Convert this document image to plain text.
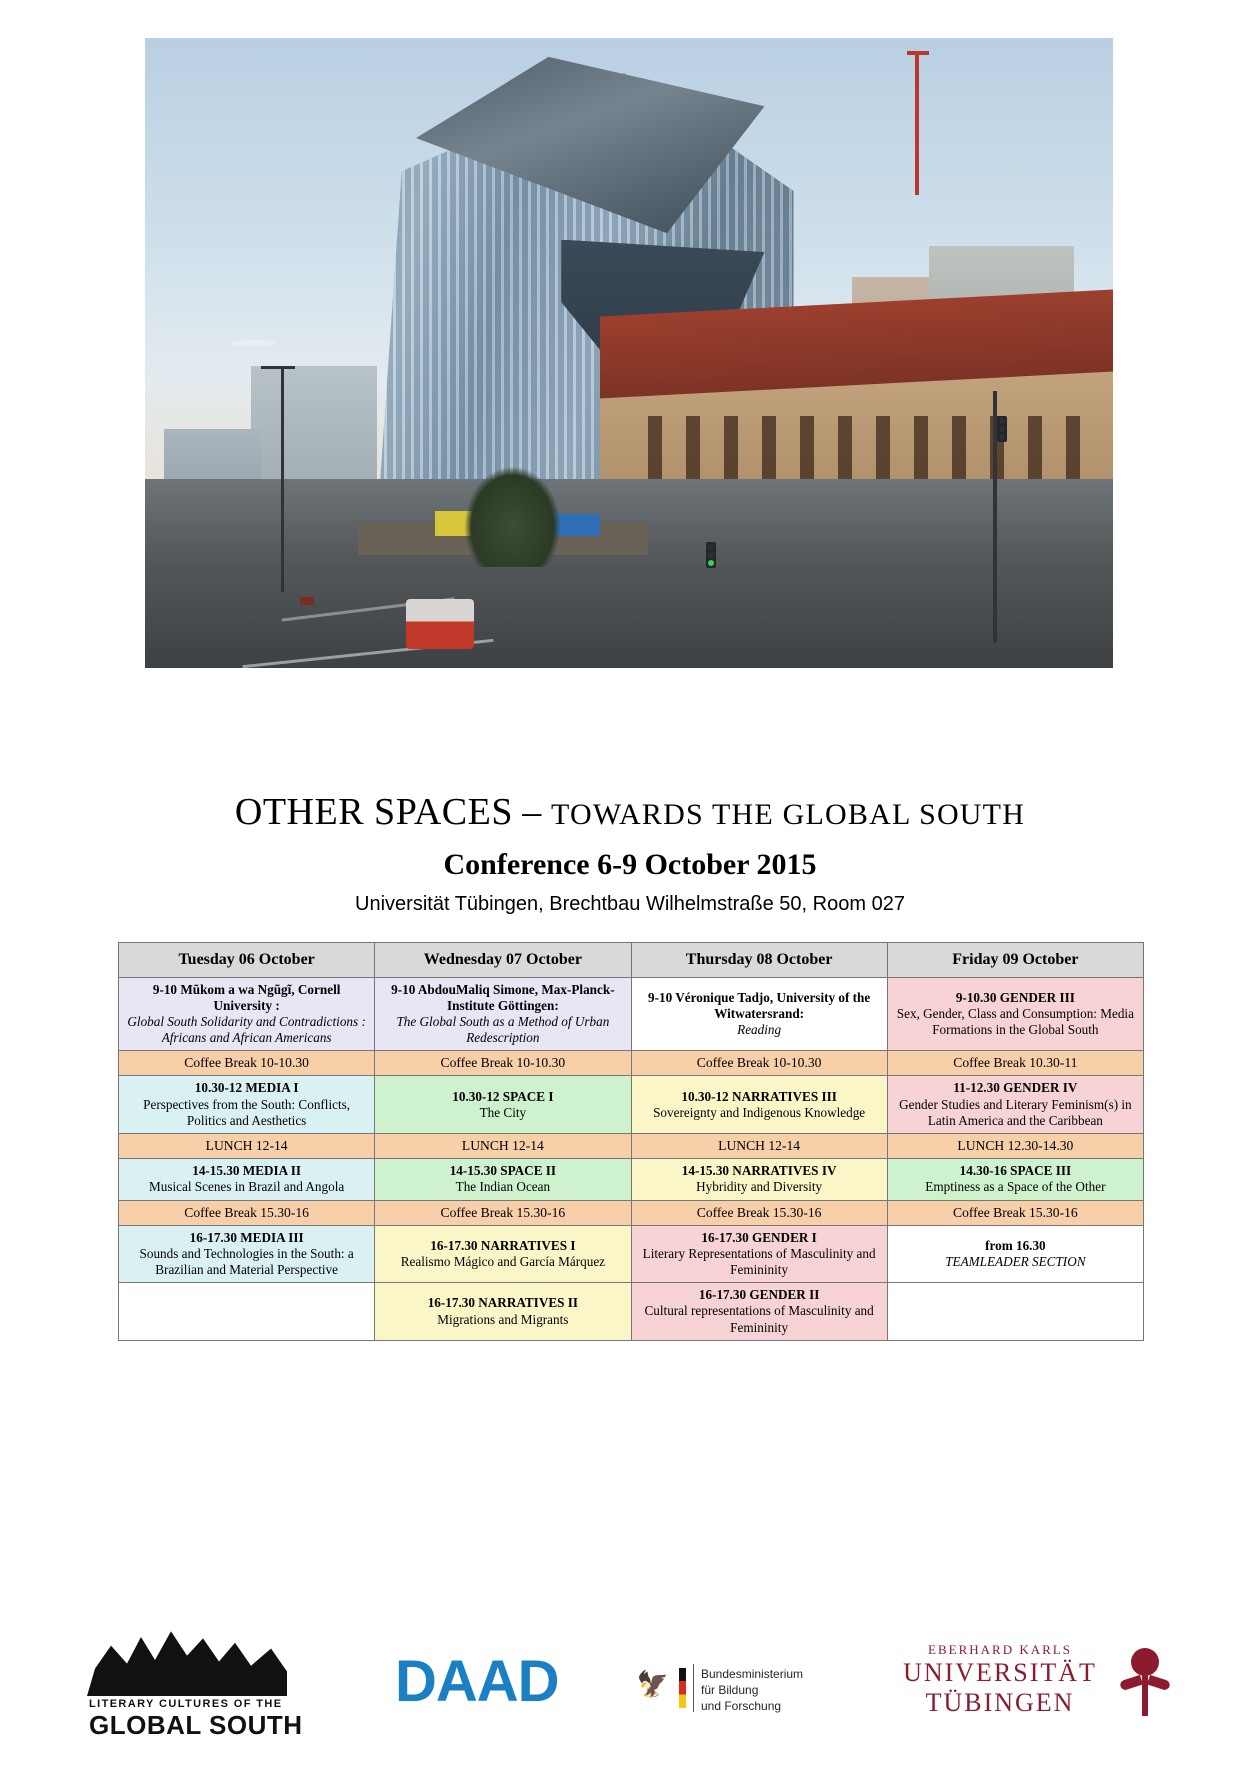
OTHER SPACES – TOWARDS THE GLOBAL SOUTH
Conference 6-9 October 2015
Universität Tübingen, Brechtbau Wilhelmstraße 50, Room 027
Tuesday 06 October	Wednesday 07 October	Thursday 08 October	Friday 09 October

9-10 Mũkom a wa Ngũgĩ, Cornell University :
Global South Solidarity and Contradictions : Africans and African Americans	9-10 AbdouMaliq Simone, Max-Planck-Institute Göttingen:
The Global South as a Method of Urban Redescription	9-10 Véronique Tadjo, University of the Witwatersrand:
Reading	9-10.30 GENDER III
Sex, Gender, Class and Consumption: Media Formations in the Global South

Coffee Break 10-10.30	Coffee Break 10-10.30	Coffee Break 10-10.30	Coffee Break 10.30-11

10.30-12 MEDIA I
Perspectives from the South: Conflicts, Politics and Aesthetics	10.30-12 SPACE I
The City	10.30-12 NARRATIVES III
Sovereignty and Indigenous Knowledge	11-12.30 GENDER IV
Gender Studies and Literary Feminism(s) in Latin America and the Caribbean

LUNCH 12-14	LUNCH 12-14	LUNCH 12-14	LUNCH 12.30-14.30

14-15.30 MEDIA II
Musical Scenes in Brazil and Angola	14-15.30 SPACE II
The Indian Ocean	14-15.30 NARRATIVES IV
Hybridity and Diversity	14.30-16 SPACE III
Emptiness as a Space of the Other

Coffee Break 15.30-16	Coffee Break 15.30-16	Coffee Break 15.30-16	Coffee Break 15.30-16

16-17.30 MEDIA III
Sounds and Technologies in the South: a Brazilian and Material Perspective	16-17.30 NARRATIVES I
Realismo Mágico and García Márquez	16-17.30 GENDER I
Literary Representations of Masculinity and Femininity	from 16.30
TEAMLEADER SECTION

	16-17.30 NARRATIVES II
Migrations and Migrants	16-17.30 GENDER II
Cultural representations of Masculinity and Femininity	

LITERARY CULTURES OF THE
GLOBAL SOUTH
DAAD	🦅	Bundesministerium
für Bildung
und Forschung
EBERHARD KARLS
UNIVERSITÄT
TÜBINGEN
